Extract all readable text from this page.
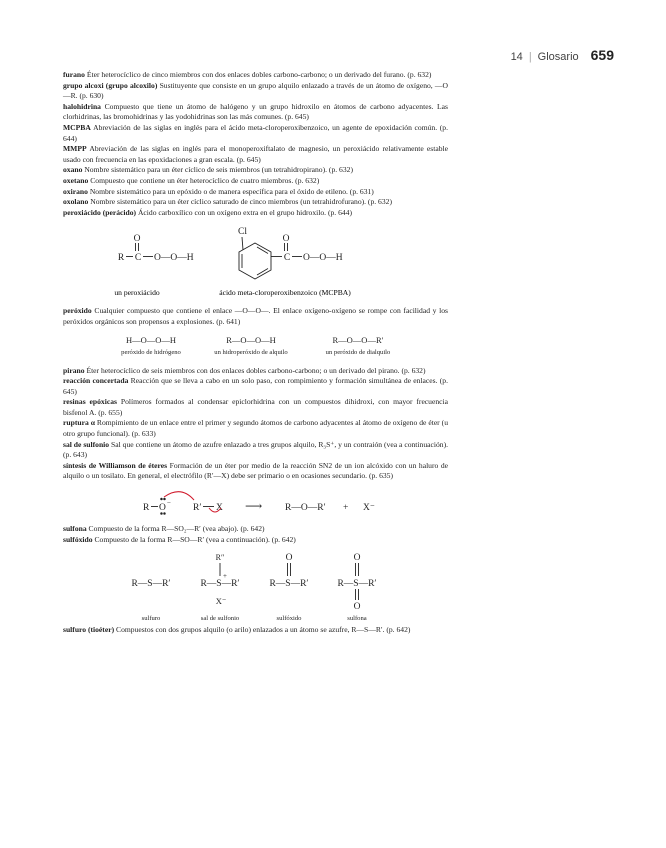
14 | Glosario 659

furano Éter heterocíclico de cinco miembros con dos enlaces dobles carbono-carbono; o un derivado del furano. (p. 632)

grupo alcoxi (grupo alcoxilo) Sustituyente que consiste en un grupo alquilo enlazado a través de un átomo de oxígeno, —O—R. (p. 630)

halohidrina Compuesto que tiene un átomo de halógeno y un grupo hidroxilo en átomos de carbono adyacentes. Las clorhidrinas, las bromohidrinas y las yodohidrinas son las más comunes. (p. 645)

MCPBA Abreviación de las siglas en inglés para el ácido meta-cloroperoxibenzoico, un agente de epoxidación común. (p. 644)

MMPP Abreviación de las siglas en inglés para el monoperoxiftalato de magnesio, un peroxiácido relativamente estable usado con frecuencia en las epoxidaciones a gran escala. (p. 645)

oxano Nombre sistemático para un éter cíclico de seis miembros (un tetrahidropirano). (p. 632)

oxetano Compuesto que contiene un éter heterocíclico de cuatro miembros. (p. 632)

oxirano Nombre sistemático para un epóxido o de manera específica para el óxido de etileno. (p. 631)

oxolano Nombre sistemático para un éter cíclico saturado de cinco miembros (un tetrahidrofurano). (p. 632)

peroxiácido (perácido) Ácido carboxílico con un oxígeno extra en el grupo hidroxilo. (p. 644)

O
R C O—O—H
Cl
O
C O—O—H
un peroxiácido	ácido meta-cloroperoxibenzoico (MCPBA)

peróxido Cualquier compuesto que contiene el enlace —O—O—. El enlace oxígeno-oxígeno se rompe con facilidad y los peróxidos orgánicos son propensos a explosiones. (p. 641)

H—O—O—H
peróxido de hidrógeno
R—O—O—H
un hidroperóxido de alquilo
R—O—O—R′
un peróxido de dialquilo

pirano Éter heterocíclico de seis miembros con dos enlaces dobles carbono-carbono; o un derivado del pirano. (p. 632)

reacción concertada Reacción que se lleva a cabo en un solo paso, con rompimiento y formación simultánea de enlaces. (p. 645)

resinas epóxicas Polímeros formados al condensar epiclorhidrina con un compuestos dihidroxi, con mayor frecuencia bisfenol A. (p. 655)

ruptura α Rompimiento de un enlace entre el primer y segundo átomos de carbono adyacentes al átomo de oxígeno de éter (u otro grupo funcional). (p. 633)

sal de sulfonio Sal que contiene un átomo de azufre enlazado a tres grupos alquilo, R₃S⁺, y un contraión (vea a continuación). (p. 643)

síntesis de Williamson de éteres Formación de un éter por medio de la reacción SN2 de un ion alcóxido con un haluro de alquilo o un tosilato. En general, el electrófilo (R′—X) debe ser primario o en ocasiones secundario. (p. 635)

R O − R′ X ⟶ R—O—R′ + X⁻

sulfona Compuesto de la forma R—SO₂—R′ (vea abajo). (p. 642)

sulfóxido Compuesto de la forma R—SO—R′ (vea a continuación). (p. 642)

R—S—R′
R″
R—S—R′
+
X⁻
O
R—S—R′
O
R—S—R′
O
sulfuro	sal de sulfonio	sulfóxido	sulfona

sulfuro (tioéter) Compuestos con dos grupos alquilo (o arilo) enlazados a un átomo se azufre, R—S—R′. (p. 642)
